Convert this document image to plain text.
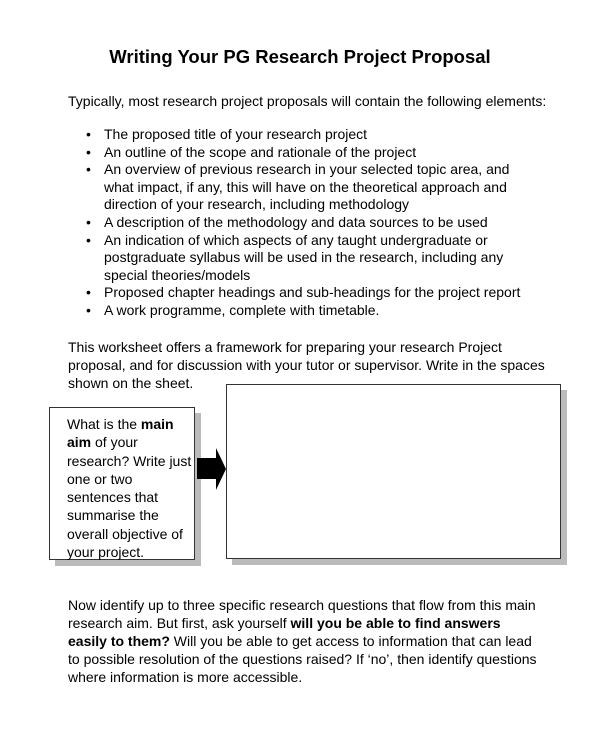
Writing Your PG Research Project Proposal
Typically, most research project proposals will contain the following elements:
• The proposed title of your research project
• An outline of the scope and rationale of the project
• An overview of previous research in your selected topic area, and what impact, if any, this will have on the theoretical approach and direction of your research, including methodology
• A description of the methodology and data sources to be used
• An indication of which aspects of any taught undergraduate or postgraduate syllabus will be used in the research, including any special theories/models
• Proposed chapter headings and sub-headings for the project report
• A work programme, complete with timetable.
This worksheet offers a framework for preparing your research Project proposal, and for discussion with your tutor or supervisor. Write in the spaces shown on the sheet.
What is the main aim of your research? Write just one or two sentences that summarise the overall objective of your project.
Now identify up to three specific research questions that flow from this main research aim. But first, ask yourself will you be able to find answers easily to them? Will you be able to get access to information that can lead to possible resolution of the questions raised? If ‘no’, then identify questions where information is more accessible.
